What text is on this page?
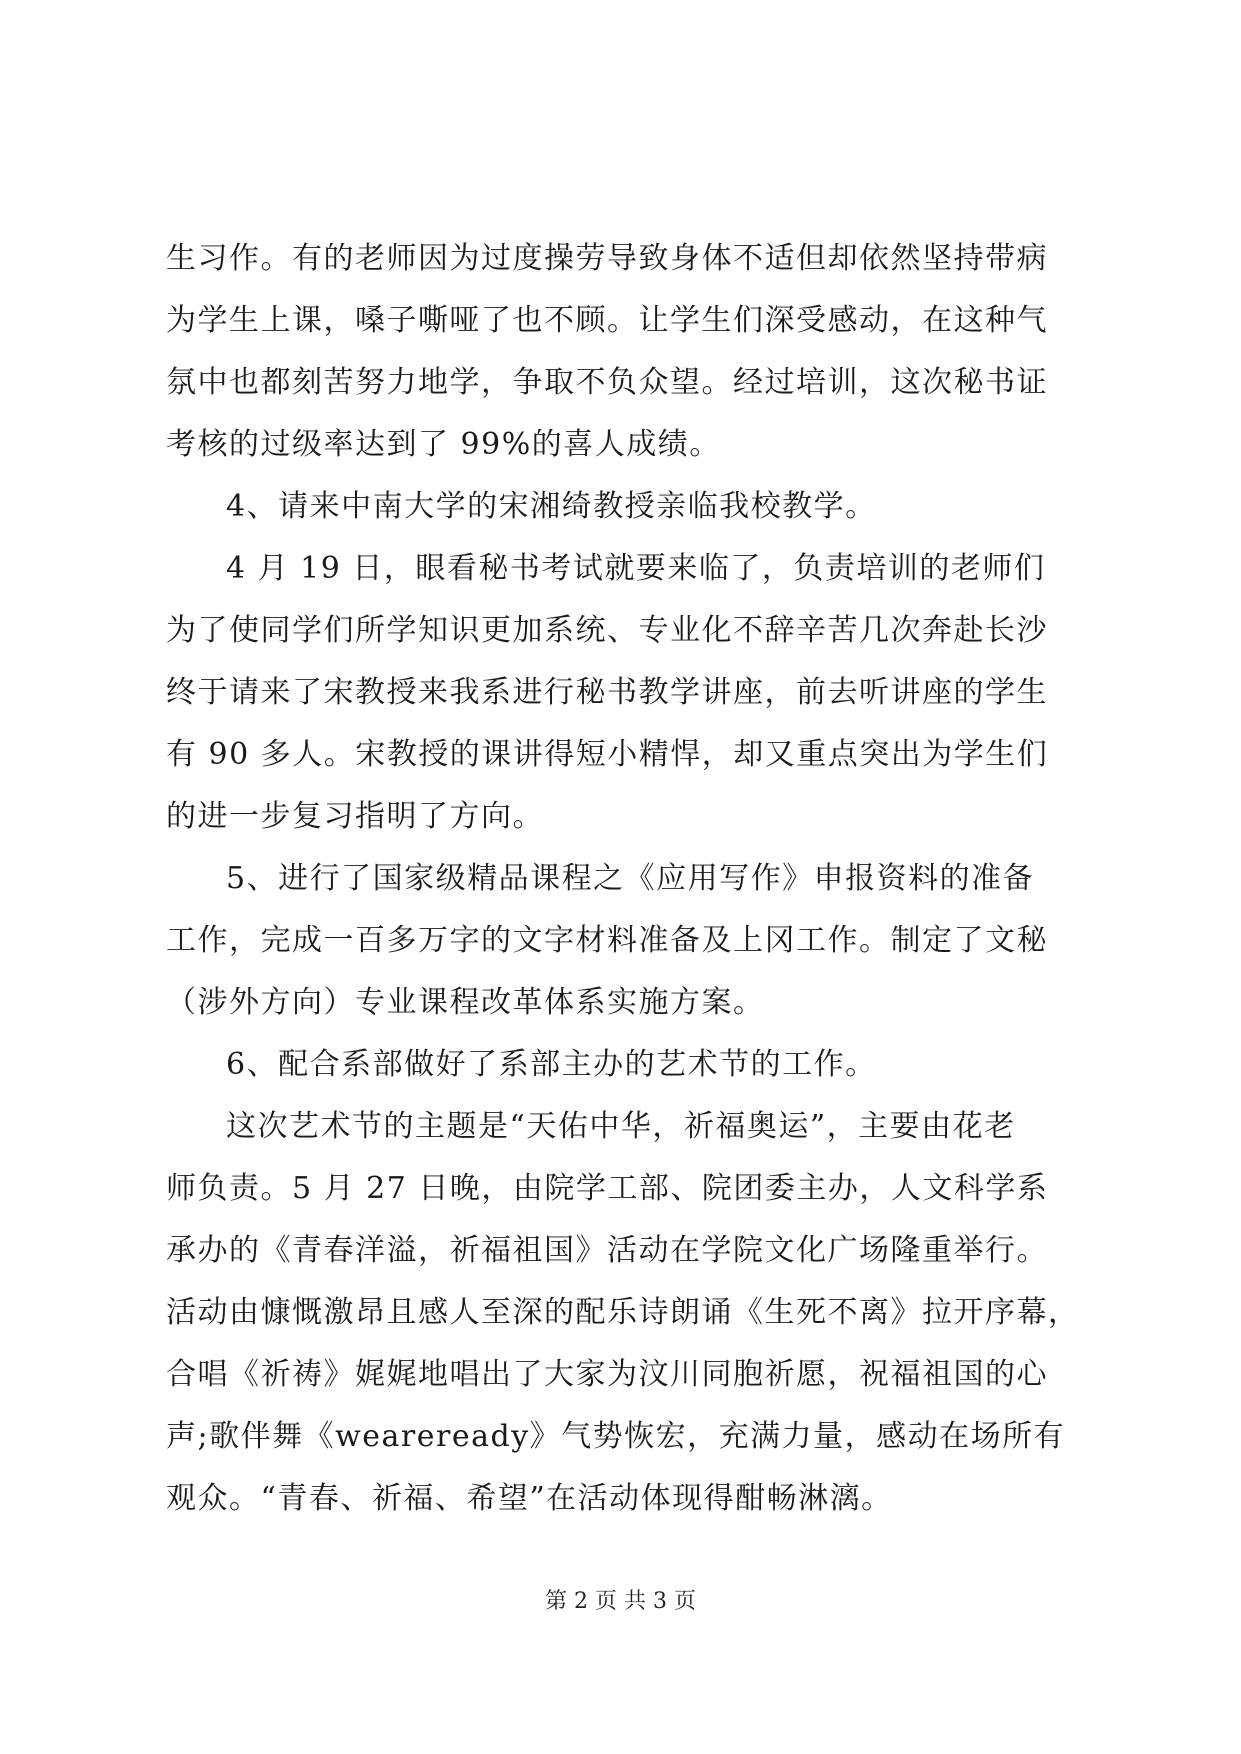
生习作。有的老师因为过度操劳导致身体不适但却依然坚持带病
为学生上课，嗓子嘶哑了也不顾。让学生们深受感动，在这种气
氛中也都刻苦努力地学，争取不负众望。经过培训，这次秘书证
考核的过级率达到了 99%的喜人成绩。
4、请来中南大学的宋湘绮教授亲临我校教学。
4 月 19 日，眼看秘书考试就要来临了，负责培训的老师们
为了使同学们所学知识更加系统、专业化不辞辛苦几次奔赴长沙
终于请来了宋教授来我系进行秘书教学讲座，前去听讲座的学生
有 90 多人。宋教授的课讲得短小精悍，却又重点突出为学生们
的进一步复习指明了方向。
5、进行了国家级精品课程之《应用写作》申报资料的准备
工作，完成一百多万字的文字材料准备及上冈工作。制定了文秘
（涉外方向）专业课程改革体系实施方案。
6、配合系部做好了系部主办的艺术节的工作。
这次艺术节的主题是“天佑中华，祈福奥运”，主要由花老
师负责。5 月 27 日晚，由院学工部、院团委主办，人文科学系
承办的《青春洋溢，祈福祖国》活动在学院文化广场隆重举行。
活动由慷慨激昂且感人至深的配乐诗朗诵《生死不离》拉开序幕，
合唱《祈祷》娓娓地唱出了大家为汶川同胞祈愿，祝福祖国的心
声;歌伴舞《weareready》气势恢宏，充满力量，感动在场所有
观众。“青春、祈福、希望”在活动体现得酣畅淋漓。
第 2 页 共 3 页
